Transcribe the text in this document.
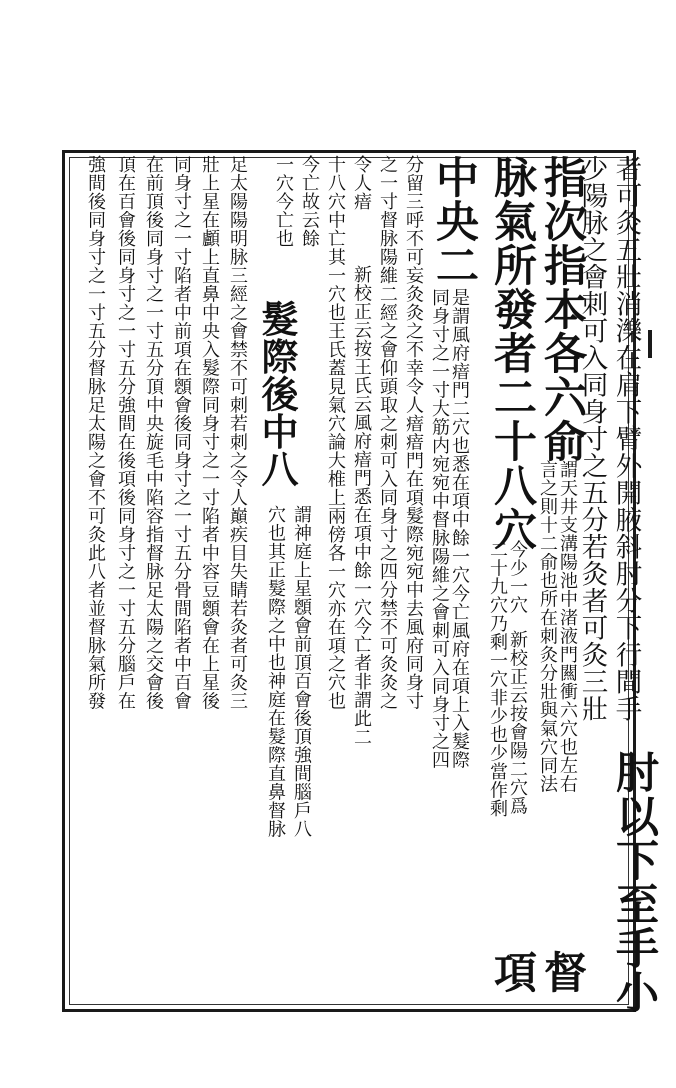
者可灸五壯消濼在肩下臂外開腋斜肘分下行間手
少陽脉之會刺可入同身寸之五分若灸者可灸三壯
指次指本各六俞
肘以下至手小
謂天井支溝陽池中渚液門闗衝六穴也左右
言之則十二俞也所在刺灸分壯與氣穴同法
脉氣所發者二十八穴
今少一穴
新校正云按會陽二穴爲
督
二十九穴乃剩一穴非少也少當作剩
項
中央二
是謂風府瘖門二穴也悉在項中餘一穴今亡風府在項上入髮際
同身寸之一寸大筋内宛宛中督脉陽維之會刺可入同身寸之四
分留三呼不可妄灸灸之不幸令人瘖瘖門在項髮際宛宛中去風府同身寸
之一寸督脉陽維二經之會仰頭取之刺可入同身寸之四分禁不可灸灸之
令人瘖
新校正云按王氏云風府瘖門悉在項中餘一穴今亡者非謂此二
十八穴中亡其一穴也王氏蓋見氣穴論大椎上兩傍各一穴亦在項之穴也
今亡故云餘
一穴今亡也
髮際後中八
謂神庭上星顖會前頂百會後頂強間腦戶八
穴也其正髮際之中也神庭在髮際直鼻督脉
足太陽陽明脉三經之會禁不可刺若刺之令人巔疾目失睛若灸者可灸三
壯上星在顱上直鼻中央入髮際同身寸之一寸陷者中容豆顖會在上星後
同身寸之一寸陷者中前項在顖會後同身寸之一寸五分骨間陷者中百會
在前頂後同身寸之一寸五分頂中央旋毛中陷容指督脉足太陽之交會後
頂在百會後同身寸之一寸五分強間在後項後同身寸之一寸五分腦戶在
強間後同身寸之一寸五分督脉足太陽之會不可灸此八者並督脉氣所發
